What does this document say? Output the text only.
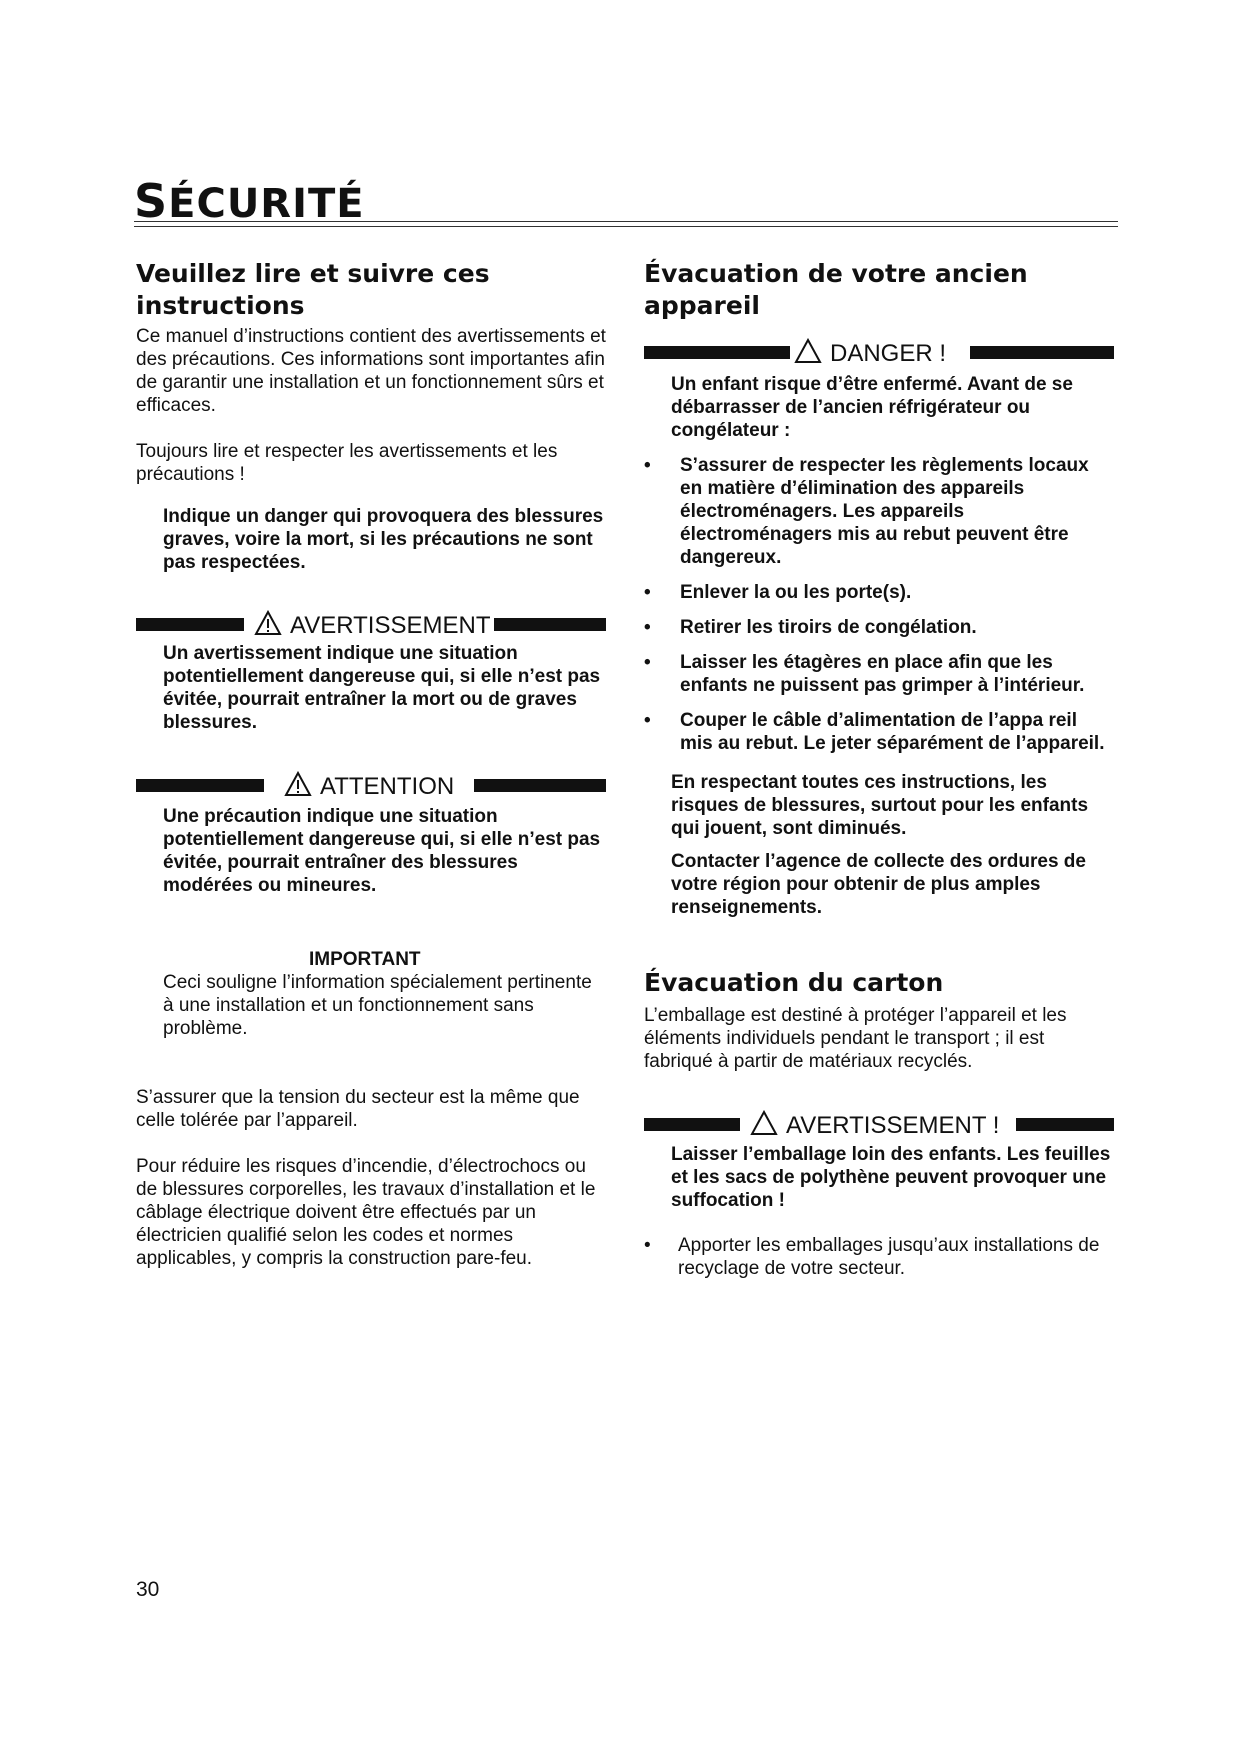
SÉCURITÉ
Veuillez lire et suivre ces instructions

Ce manuel d’instructions contient des avertissements et des précautions. Ces informations sont importantes afin de garantir une installation et un fonctionnement sûrs et efficaces.

Toujours lire et respecter les avertissements et les précautions !

Indique un danger qui provoquera des blessures graves, voire la mort, si les précautions ne sont pas respectées.

AVERTISSEMENT

Un avertissement indique une situation potentiellement dangereuse qui, si elle n’est pas évitée, pourrait entraîner la mort ou de graves blessures.

ATTENTION

Une précaution indique une situation potentiellement dangereuse qui, si elle n’est pas évitée, pourrait entraîner des blessures modérées ou mineures.

IMPORTANT

Ceci souligne l’information spécialement pertinente à une installation et un fonctionnement sans problème.

S’assurer que la tension du secteur est la même que celle tolérée par l’appareil.

Pour réduire les risques d’incendie, d’électrochocs ou de blessures corporelles, les travaux d’installation et le câblage électrique doivent être effectués par un électricien qualifié selon les codes et normes applicables, y compris la construction pare-feu.

Évacuation de votre ancien appareil
DANGER !

Un enfant risque d’être enfermé. Avant de se débarrasser de l’ancien réfrigérateur ou congélateur :

• S’assurer de respecter les règlements locaux en matière d’élimination des appareils électroménagers. Les appareils électroménagers mis au rebut peuvent être dangereux.
• Enlever la ou les porte(s).
• Retirer les tiroirs de congélation.
• Laisser les étagères en place afin que les enfants ne puissent pas grimper à l’intérieur.
• Couper le câble d’alimentation de l’appa reil mis au rebut. Le jeter séparément de l’appareil.

En respectant toutes ces instructions, les risques de blessures, surtout pour les enfants qui jouent, sont diminués.

Contacter l’agence de collecte des ordures de votre région pour obtenir de plus amples renseignements.

Évacuation du carton

L’emballage est destiné à protéger l’appareil et les éléments individuels pendant le transport ; il est fabriqué à partir de matériaux recyclés.

AVERTISSEMENT !

Laisser l’emballage loin des enfants. Les feuilles et les sacs de polythène peuvent provoquer une suffocation !

• Apporter les emballages jusqu’aux installations de recyclage de votre secteur.
30
